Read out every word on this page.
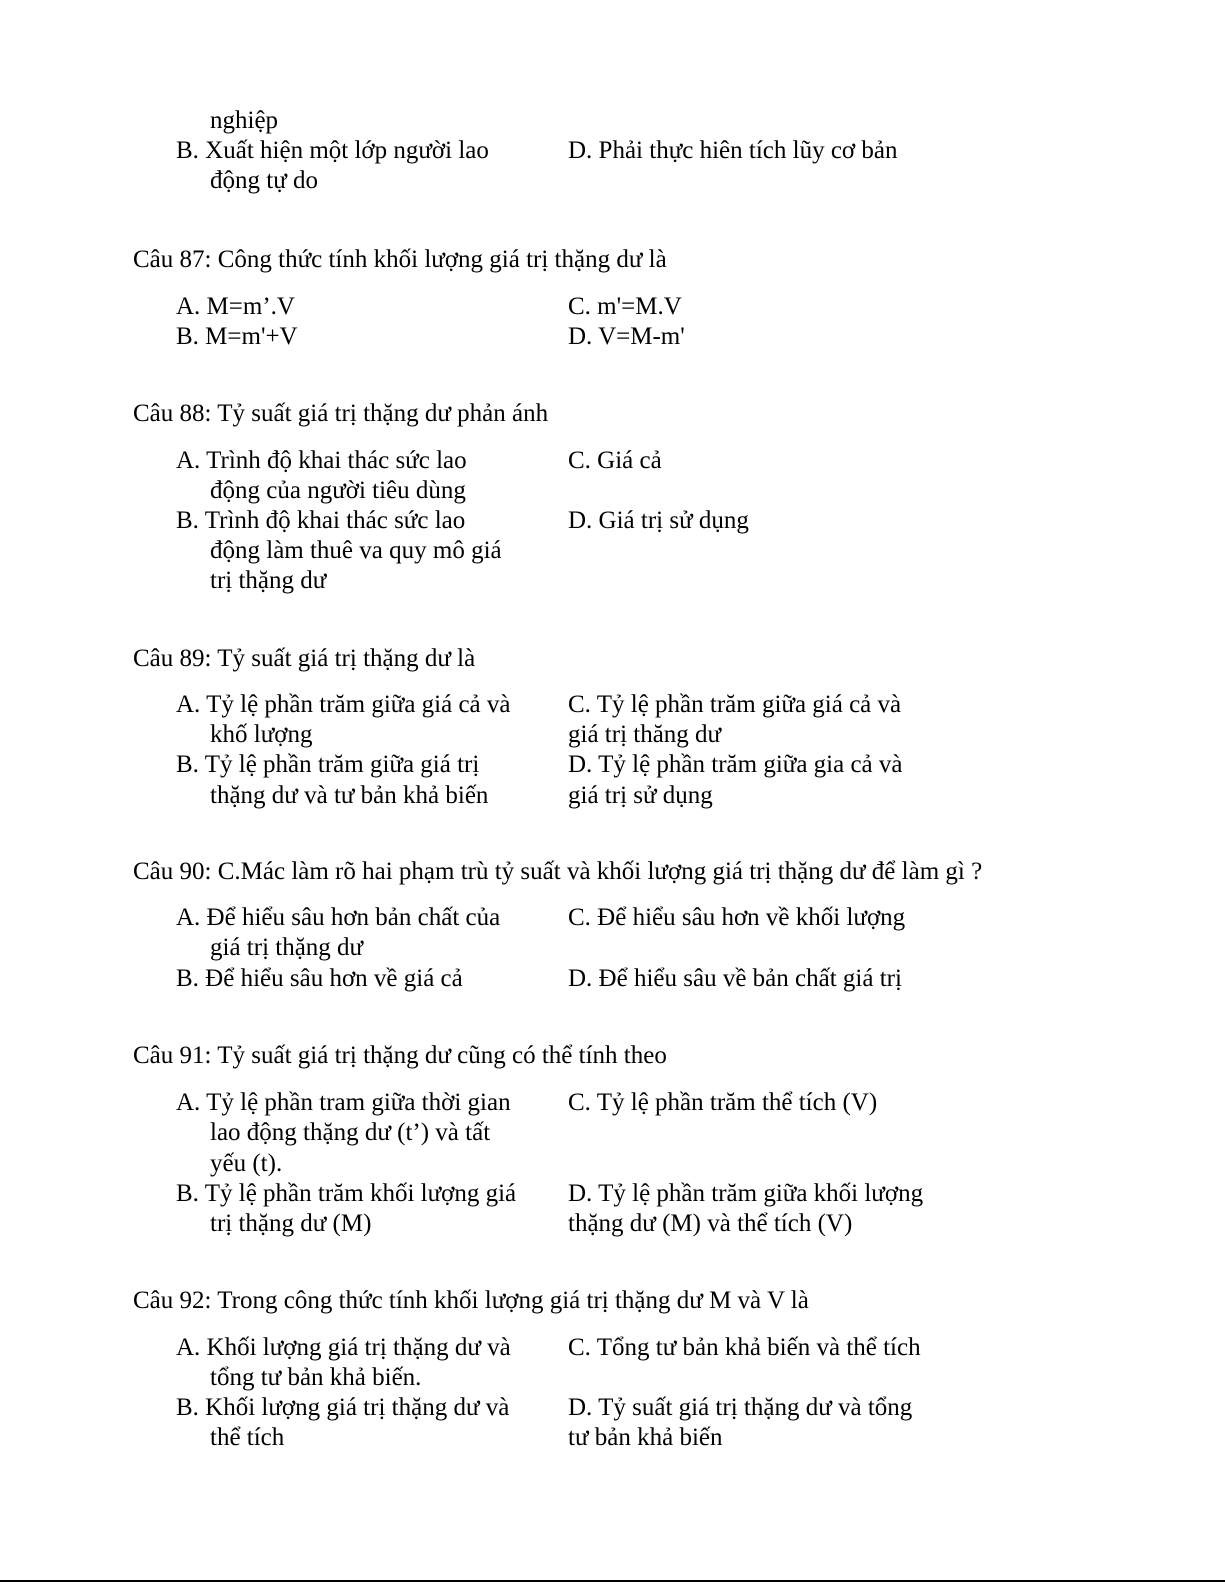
nghiệp
B. Xuất hiện một lớp người lao
động tự do
D. Phải thực hiên tích lũy cơ bản
Câu 87: Công thức tính khối lượng giá trị thặng dư là
A. M=m’.V
B. M=m'+V
C. m'=M.V
D. V=M-m'
Câu 88: Tỷ suất giá trị thặng dư phản ánh
A. Trình độ khai thác sức lao
động của người tiêu dùng
B. Trình độ khai thác sức lao
động làm thuê va quy mô giá
trị thặng dư
C. Giá cả
D. Giá trị sử dụng
Câu 89: Tỷ suất giá trị thặng dư là
A. Tỷ lệ phần trăm giữa giá cả và
khố lượng
B. Tỷ lệ phần trăm giữa giá trị
thặng dư và tư bản khả biến
C. Tỷ lệ phần trăm giữa giá cả và
giá trị thăng dư
D. Tỷ lệ phần trăm giữa gia cả và
giá trị sử dụng
Câu 90: C.Mác làm rõ hai phạm trù tỷ suất và khối lượng giá trị thặng dư để làm gì ?
A. Để hiểu sâu hơn bản chất của
giá trị thặng dư
B. Để hiểu sâu hơn về giá cả
C. Để hiểu sâu hơn về khối lượng
D. Để hiểu sâu về bản chất giá trị
Câu 91: Tỷ suất giá trị thặng dư cũng có thể tính theo
A. Tỷ lệ phần tram giữa thời gian
lao động thặng dư (t’) và tất
yếu (t).
B. Tỷ lệ phần trăm khối lượng giá
trị thặng dư (M)
C. Tỷ lệ phần trăm thể tích (V)
D. Tỷ lệ phần trăm giữa khối lượng
thặng dư (M) và thể tích (V)
Câu 92: Trong công thức tính khối lượng giá trị thặng dư M và V là
A. Khối lượng giá trị thặng dư và
tổng tư bản khả biến.
B. Khối lượng giá trị thặng dư và
thể tích
C. Tổng tư bản khả biến và thể tích
D. Tỷ suất giá trị thặng dư và tổng
tư bản khả biến
